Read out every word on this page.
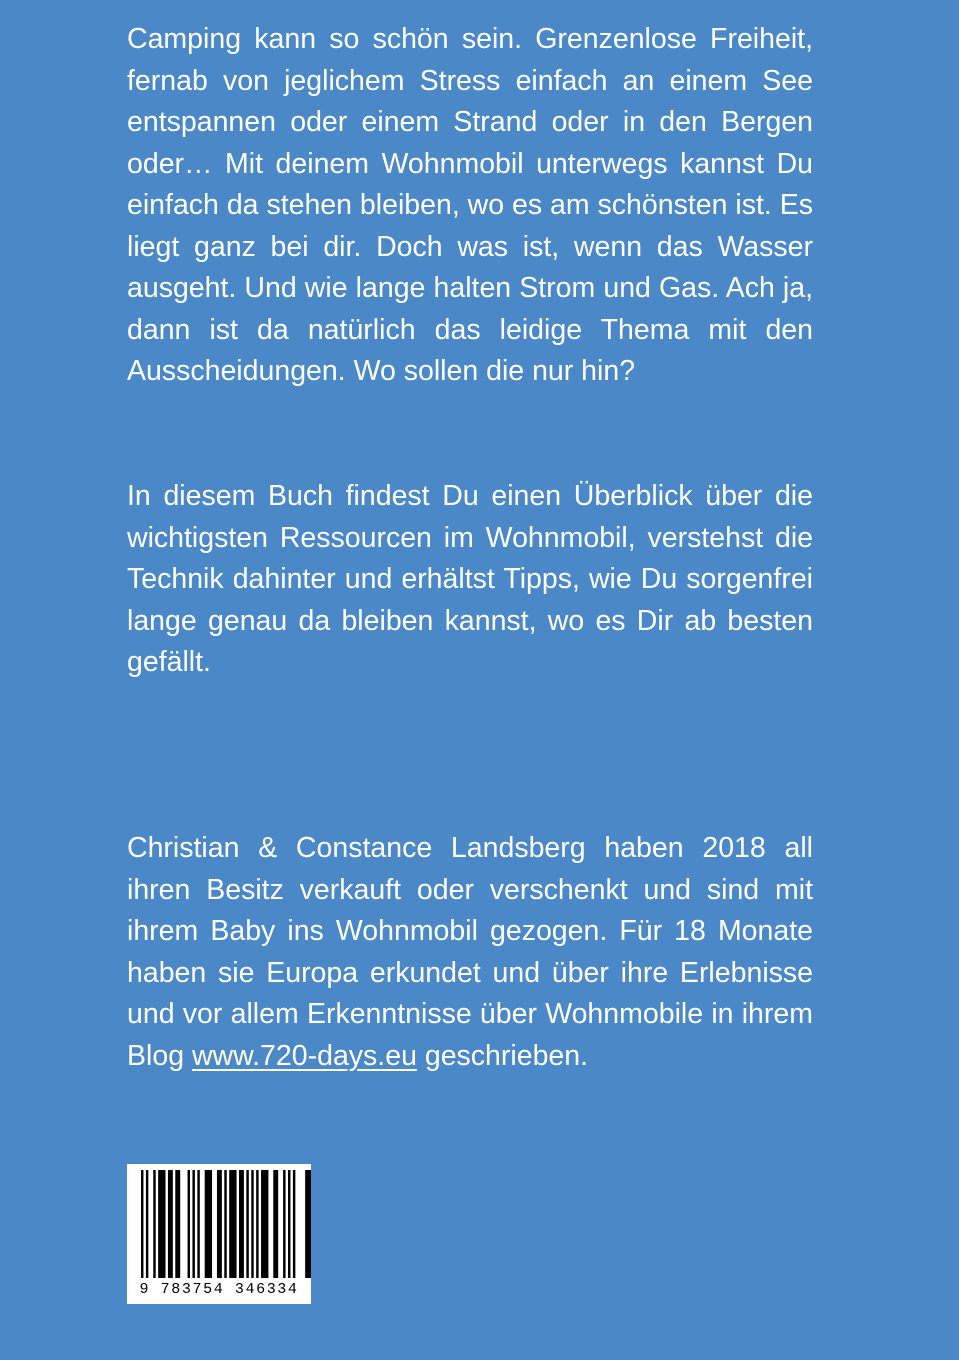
Camping kann so schön sein. Grenzenlose Freiheit, fernab von jeglichem Stress einfach an einem See entspannen oder einem Strand oder in den Bergen oder… Mit deinem Wohnmobil unterwegs kannst Du einfach da stehen bleiben, wo es am schönsten ist. Es liegt ganz bei dir. Doch was ist, wenn das Wasser ausgeht. Und wie lange halten Strom und Gas. Ach ja, dann ist da natürlich das leidige Thema mit den Ausscheidungen. Wo sollen die nur hin?

In diesem Buch findest Du einen Überblick über die wichtigsten Ressourcen im Wohnmobil, verstehst die Technik dahinter und erhältst Tipps, wie Du sorgenfrei lange genau da bleiben kannst, wo es Dir ab besten gefällt.

Christian & Constance Landsberg haben 2018 all ihren Besitz verkauft oder verschenkt und sind mit ihrem Baby ins Wohnmobil gezogen. Für 18 Monate haben sie Europa erkundet und über ihre Erlebnisse und vor allem Erkenntnisse über Wohnmobile in ihrem Blog www.720-days.eu geschrieben.

9 783754 346334
